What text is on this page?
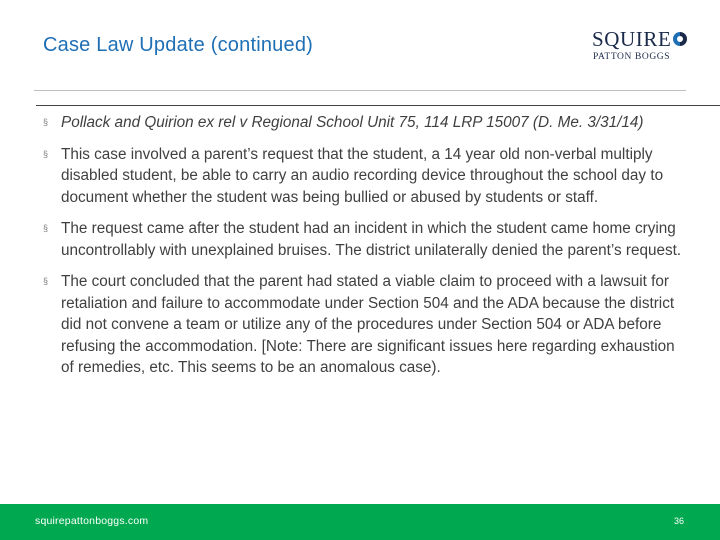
Case Law Update (continued)	SQUIRE
PATTON BOGGS
§ Pollack and Quirion ex rel v Regional School Unit 75, 114 LRP 15007 (D. Me. 3/31/14)
§ This case involved a parent’s request that the student, a 14 year old non-verbal multiply disabled student, be able to carry an audio recording device throughout the school day to document whether the student was being bullied or abused by students or staff.
§ The request came after the student had an incident in which the student came home crying uncontrollably with unexplained bruises. The district unilaterally denied the parent’s request.
§ The court concluded that the parent had stated a viable claim to proceed with a lawsuit for retaliation and failure to accommodate under Section 504 and the ADA because the district did not convene a team or utilize any of the procedures under Section 504 or ADA before refusing the accommodation. [Note: There are significant issues here regarding exhaustion of remedies, etc. This seems to be an anomalous case).
squirepattonboggs.com	36
